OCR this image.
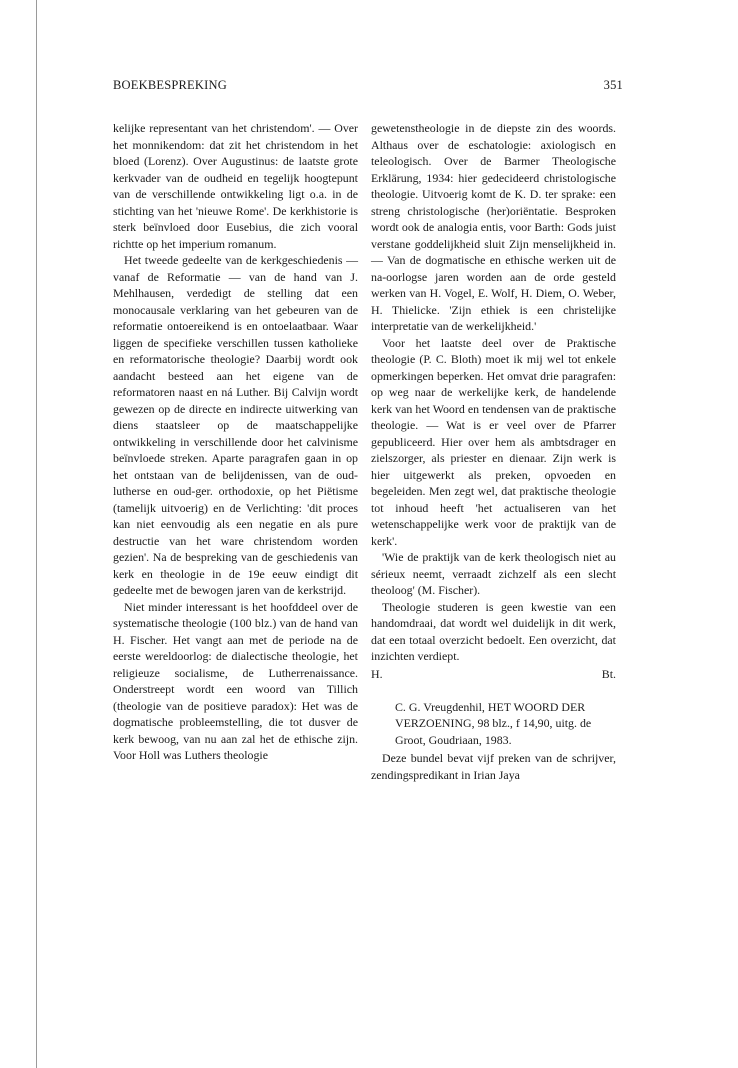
BOEKBESPREKING	351

kelijke representant van het christendom'. — Over het monnikendom: dat zit het christendom in het bloed (Lorenz). Over Augustinus: de laatste grote kerkvader van de oudheid en tegelijk hoogtepunt van de verschillende ontwikkeling ligt o.a. in de stichting van het 'nieuwe Rome'. De kerkhistorie is sterk beïnvloed door Eusebius, die zich vooral richtte op het imperium romanum.

Het tweede gedeelte van de kerkgeschiedenis — vanaf de Reformatie — van de hand van J. Mehlhausen, verdedigt de stelling dat een monocausale verklaring van het gebeuren van de reformatie ontoereikend is en ontoelaatbaar. Waar liggen de specifieke verschillen tussen katholieke en reformatorische theologie? Daarbij wordt ook aandacht besteed aan het eigene van de reformatoren naast en ná Luther. Bij Calvijn wordt gewezen op de directe en indirecte uitwerking van diens staatsleer op de maatschappelijke ontwikkeling in verschillende door het calvinisme beïnvloede streken. Aparte paragrafen gaan in op het ontstaan van de belijdenissen, van de oud-lutherse en oud-ger. orthodoxie, op het Piëtisme (tamelijk uitvoerig) en de Verlichting: 'dit proces kan niet eenvoudig als een negatie en als pure destructie van het ware christendom worden gezien'. Na de bespreking van de geschiedenis van kerk en theologie in de 19e eeuw eindigt dit gedeelte met de bewogen jaren van de kerkstrijd.

Niet minder interessant is het hoofddeel over de systematische theologie (100 blz.) van de hand van H. Fischer. Het vangt aan met de periode na de eerste wereldoorlog: de dialectische theologie, het religieuze socialisme, de Lutherrenaissance. Onderstreept wordt een woord van Tillich (theologie van de positieve paradox): Het was de dogmatische probleemstelling, die tot dusver de kerk bewoog, van nu aan zal het de ethische zijn. Voor Holl was Luthers theologie

gewetenstheologie in de diepste zin des woords. Althaus over de eschatologie: axiologisch en teleologisch. Over de Barmer Theologische Erklärung, 1934: hier gedecideerd christologische theologie. Uitvoerig komt de K. D. ter sprake: een streng christologische (her)oriëntatie. Besproken wordt ook de analogia entis, voor Barth: Gods juist verstane goddelijkheid sluit Zijn menselijkheid in. — Van de dogmatische en ethische werken uit de na-oorlogse jaren worden aan de orde gesteld werken van H. Vogel, E. Wolf, H. Diem, O. Weber, H. Thielicke. 'Zijn ethiek is een christelijke interpretatie van de werkelijkheid.'

Voor het laatste deel over de Praktische theologie (P. C. Bloth) moet ik mij wel tot enkele opmerkingen beperken. Het omvat drie paragrafen: op weg naar de werkelijke kerk, de handelende kerk van het Woord en tendensen van de praktische theologie. — Wat is er veel over de Pfarrer gepubliceerd. Hier over hem als ambtsdrager en zielszorger, als priester en dienaar. Zijn werk is hier uitgewerkt als preken, opvoeden en begeleiden. Men zegt wel, dat praktische theologie tot inhoud heeft 'het actualiseren van het wetenschappelijke werk voor de praktijk van de kerk'.

'Wie de praktijk van de kerk theologisch niet au sérieux neemt, verraadt zichzelf als een slecht theoloog' (M. Fischer).

Theologie studeren is geen kwestie van een handomdraai, dat wordt wel duidelijk in dit werk, dat een totaal overzicht bedoelt. Een overzicht, dat inzichten verdiept.

H.	Bt.

C. G. Vreugdenhil, HET WOORD DER VERZOENING, 98 blz., f 14,90, uitg. de Groot, Goudriaan, 1983.

Deze bundel bevat vijf preken van de schrijver, zendingspredikant in Irian Jaya
